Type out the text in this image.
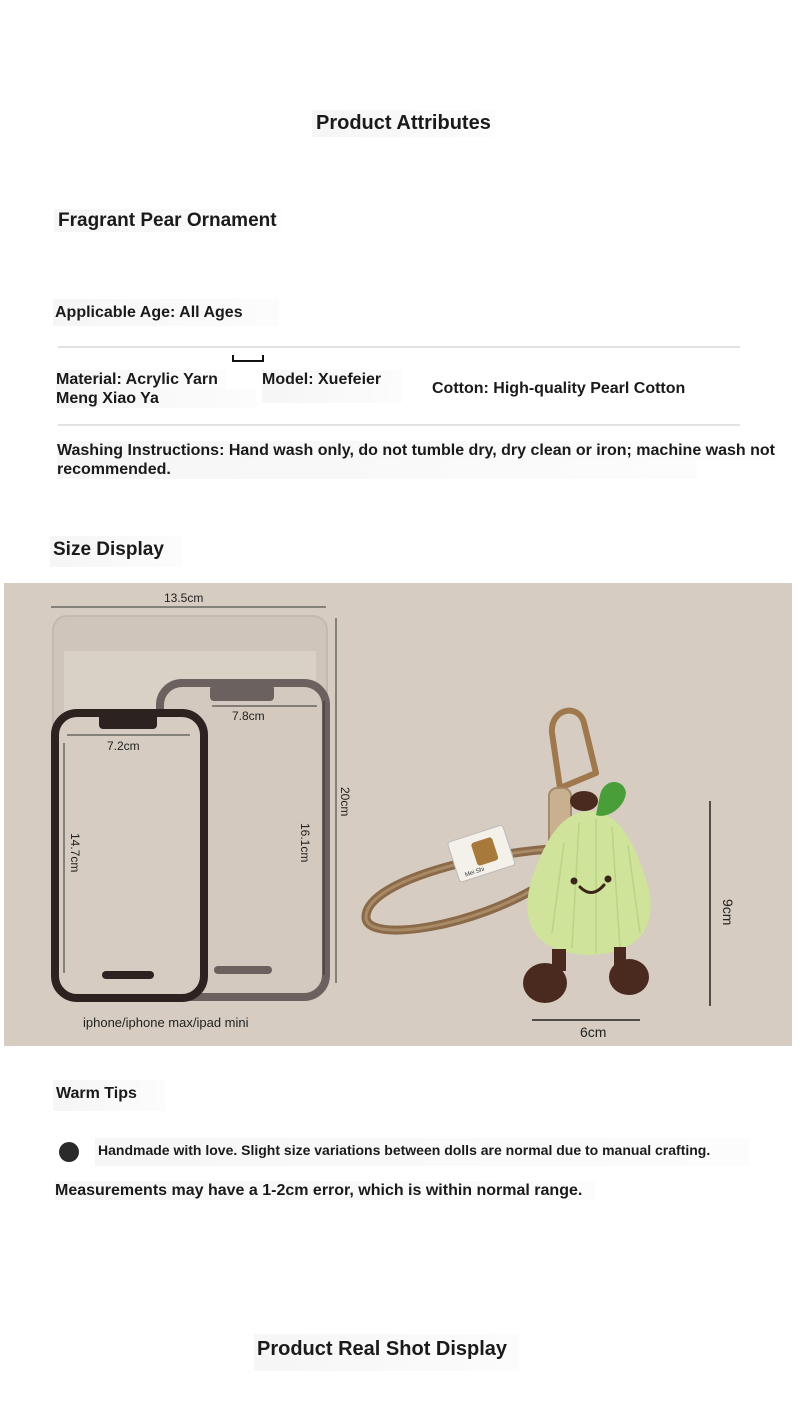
Product Attributes
Fragrant Pear Ornament
Applicable Age: All Ages
Material: Acrylic Yarn
Meng Xiao Ya
Model: Xuefeier
Cotton: High-quality Pearl Cotton
Washing Instructions: Hand wash only, do not tumble dry, dry clean or iron; machine wash not
recommended.
Size Display
Mei Shi
13.5cm
20cm
7.8cm
16.1cm
7.2cm
14.7cm
iphone/iphone max/ipad mini
9cm
6cm
Warm Tips
Handmade with love. Slight size variations between dolls are normal due to manual crafting.
Measurements may have a 1-2cm error, which is within normal range.
Product Real Shot Display
